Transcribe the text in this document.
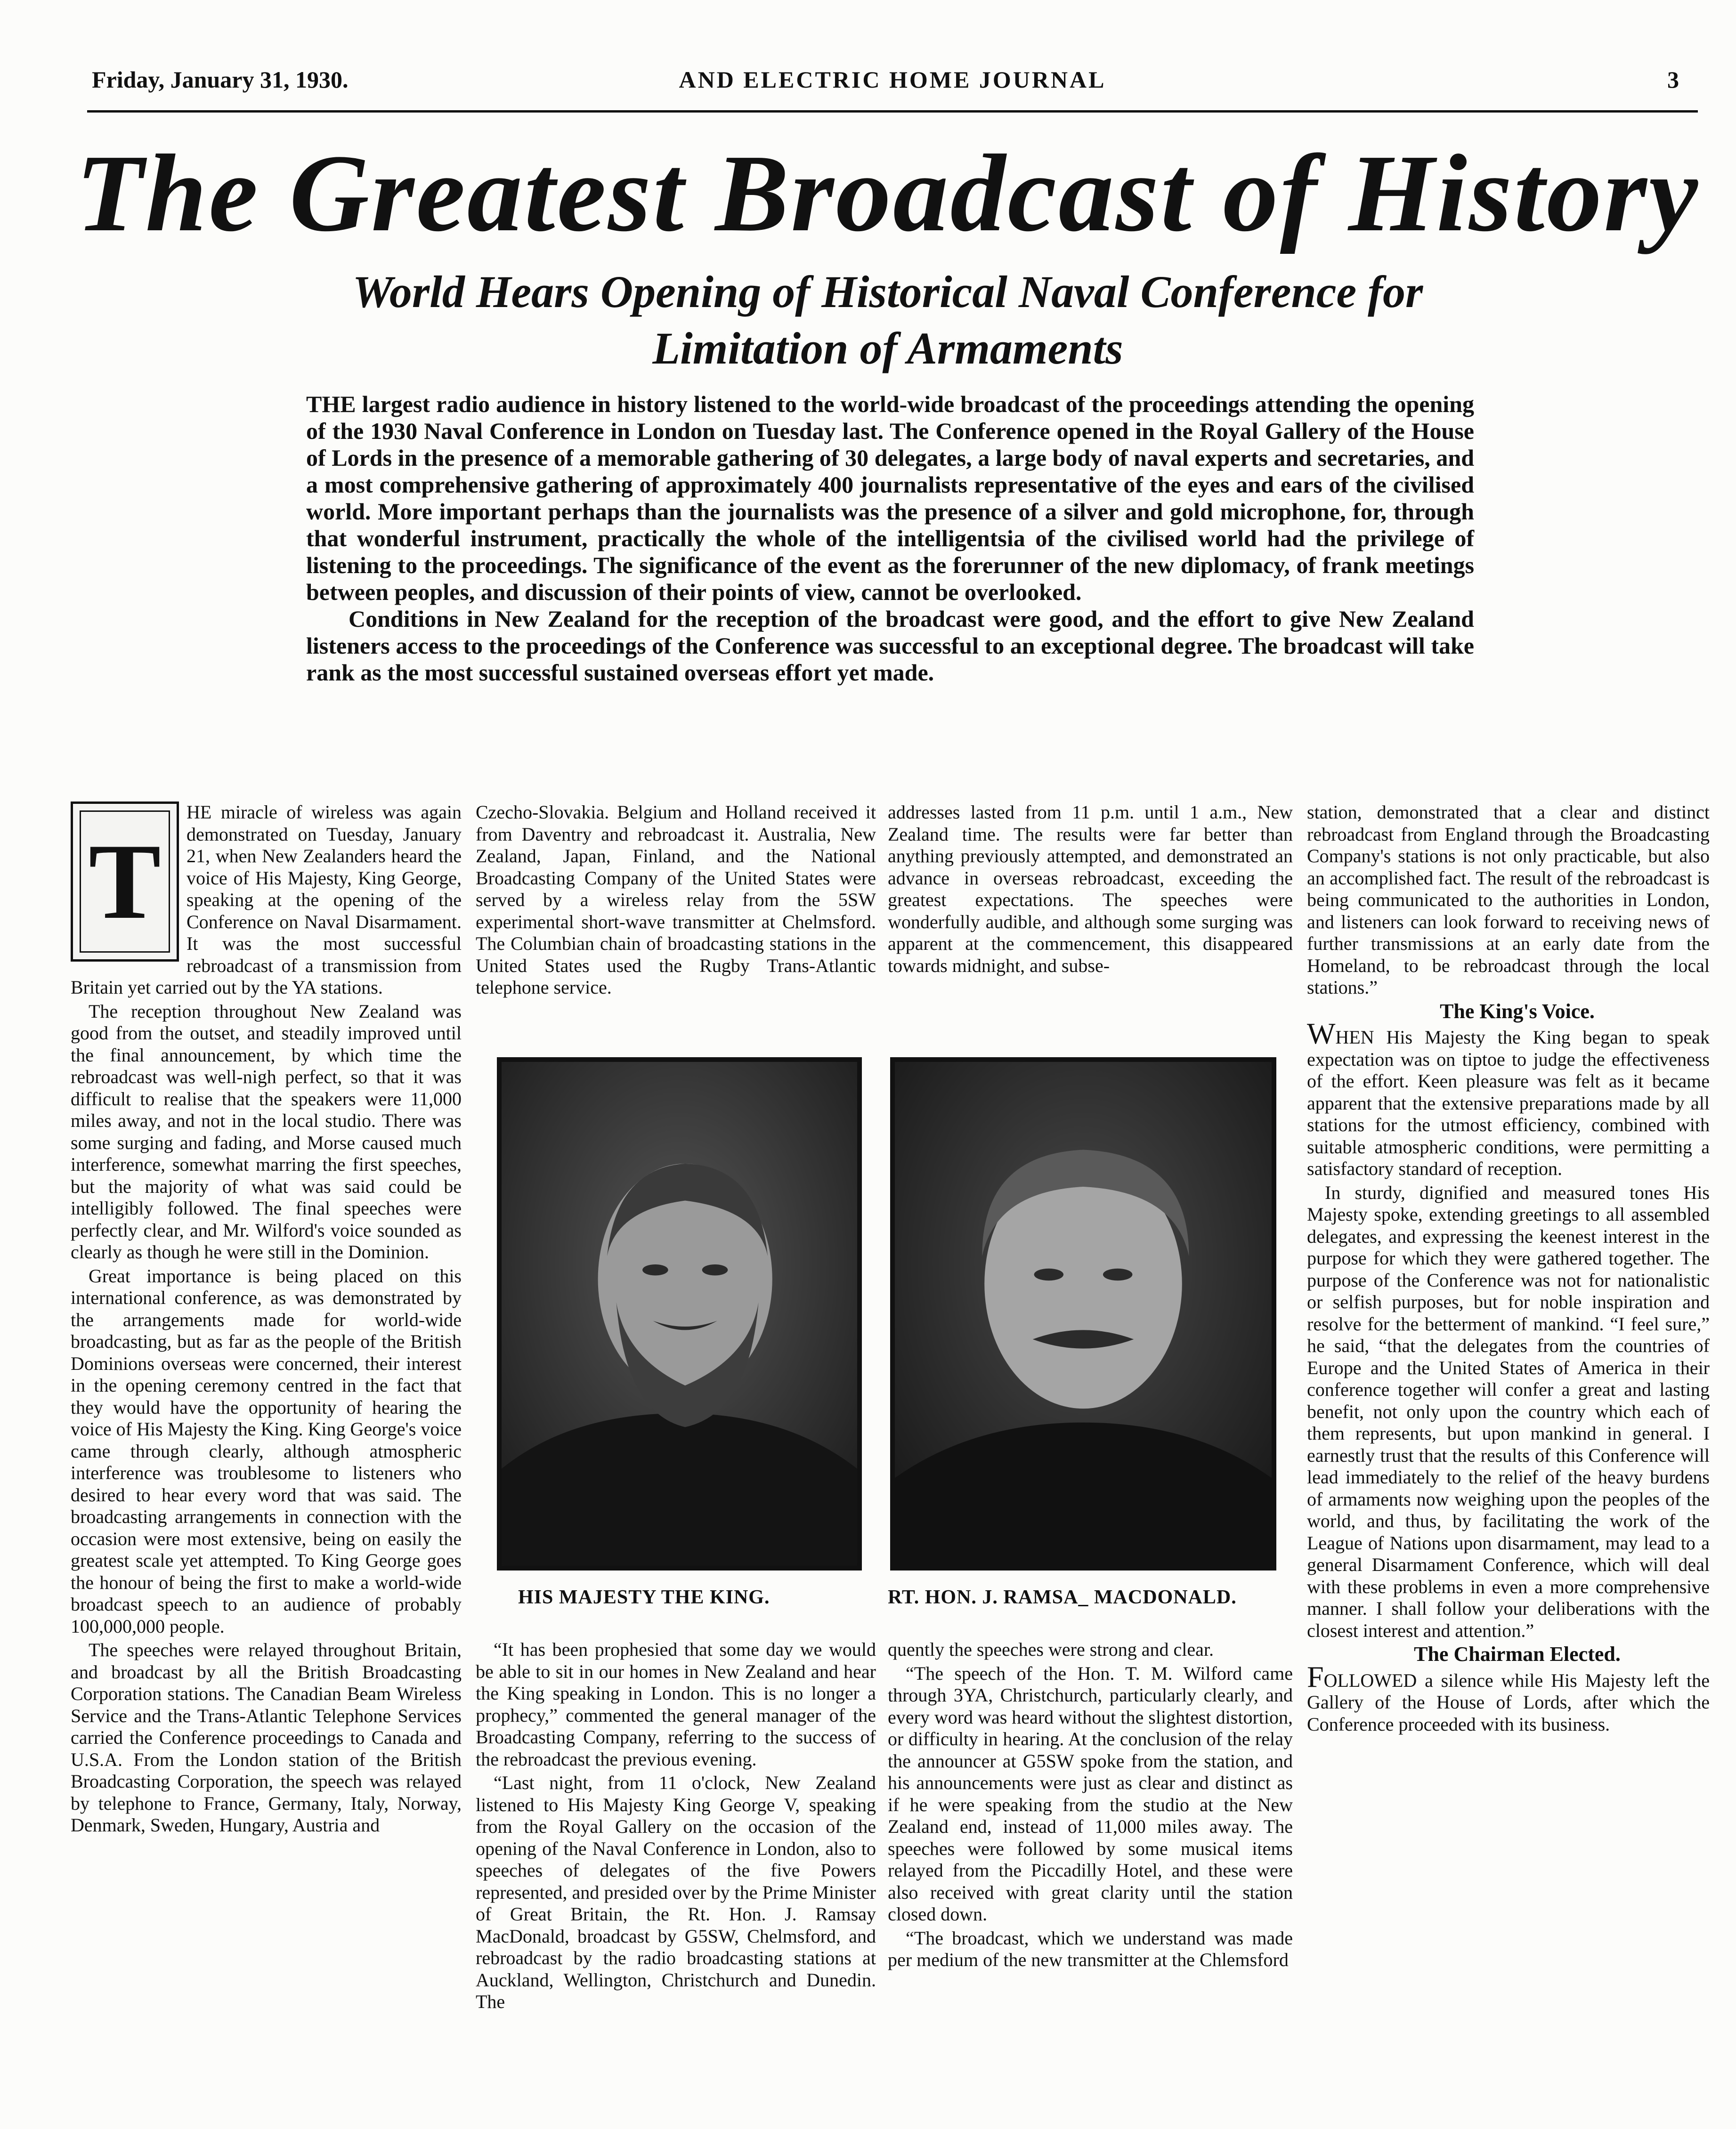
Friday, January 31, 1930.	AND ELECTRIC HOME JOURNAL	3
The Greatest Broadcast of History
World Hears Opening of Historical Naval Conference for
Limitation of Armaments

THE largest radio audience in history listened to the world-wide broadcast of the proceedings attending the opening of the 1930 Naval Conference in London on Tuesday last. The Conference opened in the Royal Gallery of the House of Lords in the presence of a memorable gathering of 30 delegates, a large body of naval experts and secretaries, and a most comprehensive gathering of approximately 400 journalists representative of the eyes and ears of the civilised world. More important perhaps than the journalists was the presence of a silver and gold microphone, for, through that wonderful instrument, practically the whole of the intelligentsia of the civilised world had the privilege of listening to the proceedings. The significance of the event as the forerunner of the new diplomacy, of frank meetings between peoples, and discussion of their points of view, cannot be overlooked.

Conditions in New Zealand for the reception of the broadcast were good, and the effort to give New Zealand listeners access to the proceedings of the Conference was successful to an exceptional degree. The broadcast will take rank as the most successful sustained overseas effort yet made.

T

HE miracle of wireless was again demonstrated on Tuesday, January 21, when New Zealanders heard the voice of His Majesty, King George, speaking at the opening of the Conference on Naval Disarmament. It was the most successful rebroadcast of a transmission from Britain yet carried out by the YA stations.

The reception throughout New Zealand was good from the outset, and steadily improved until the final announcement, by which time the rebroadcast was well-nigh perfect, so that it was difficult to realise that the speakers were 11,000 miles away, and not in the local studio. There was some surging and fading, and Morse caused much interference, somewhat marring the first speeches, but the majority of what was said could be intelligibly followed. The final speeches were perfectly clear, and Mr. Wilford's voice sounded as clearly as though he were still in the Dominion.

Great importance is being placed on this international conference, as was demonstrated by the arrangements made for world-wide broadcasting, but as far as the people of the British Dominions overseas were concerned, their interest in the opening ceremony centred in the fact that they would have the opportunity of hearing the voice of His Majesty the King. King George's voice came through clearly, although atmospheric interference was troublesome to listeners who desired to hear every word that was said. The broadcasting arrangements in connection with the occasion were most extensive, being on easily the greatest scale yet attempted. To King George goes the honour of being the first to make a world-wide broadcast speech to an audience of probably 100,000,000 people.

The speeches were relayed throughout Britain, and broadcast by all the British Broadcasting Corporation stations. The Canadian Beam Wireless Service and the Trans-Atlantic Telephone Services carried the Conference proceedings to Canada and U.S.A. From the London station of the British Broadcasting Corporation, the speech was relayed by telephone to France, Germany, Italy, Norway, Denmark, Sweden, Hungary, Austria and

Czecho-Slovakia. Belgium and Holland received it from Daventry and rebroadcast it. Australia, New Zealand, Japan, Finland, and the National Broadcasting Company of the United States were served by a wireless relay from the 5SW experimental short-wave transmitter at Chelmsford. The Columbian chain of broadcasting stations in the United States used the Rugby Trans-Atlantic telephone service.

addresses lasted from 11 p.m. until 1 a.m., New Zealand time. The results were far better than anything previously attempted, and demonstrated an advance in overseas rebroadcast, exceeding the greatest expectations. The speeches were wonderfully audible, and although some surging was apparent at the commencement, this disappeared towards midnight, and subse-

HIS MAJESTY THE KING.	RT. HON. J. RAMSA_ MACDONALD.

“It has been prophesied that some day we would be able to sit in our homes in New Zealand and hear the King speaking in London. This is no longer a prophecy,” commented the general manager of the Broadcasting Company, referring to the success of the rebroadcast the previous evening.

“Last night, from 11 o'clock, New Zealand listened to His Majesty King George V, speaking from the Royal Gallery on the occasion of the opening of the Naval Conference in London, also to speeches of delegates of the five Powers represented, and presided over by the Prime Minister of Great Britain, the Rt. Hon. J. Ramsay MacDonald, broadcast by G5SW, Chelmsford, and rebroadcast by the radio broadcasting stations at Auckland, Wellington, Christchurch and Dunedin. The

quently the speeches were strong and clear.

“The speech of the Hon. T. M. Wilford came through 3YA, Christchurch, particularly clearly, and every word was heard without the slightest distortion, or difficulty in hearing. At the conclusion of the relay the announcer at G5SW spoke from the station, and his announcements were just as clear and distinct as if he were speaking from the studio at the New Zealand end, instead of 11,000 miles away. The speeches were followed by some musical items relayed from the Piccadilly Hotel, and these were also received with great clarity until the station closed down.

“The broadcast, which we understand was made per medium of the new transmitter at the Chlemsford

station, demonstrated that a clear and distinct rebroadcast from England through the Broadcasting Company's stations is not only practicable, but also an accomplished fact. The result of the rebroadcast is being communicated to the authorities in London, and listeners can look forward to receiving news of further transmissions at an early date from the Homeland, to be rebroadcast through the local stations.”

The King's Voice.

WHEN His Majesty the King began to speak expectation was on tiptoe to judge the effectiveness of the effort. Keen pleasure was felt as it became apparent that the extensive preparations made by all stations for the utmost efficiency, combined with suitable atmospheric conditions, were permitting a satisfactory standard of reception.

In sturdy, dignified and measured tones His Majesty spoke, extending greetings to all assembled delegates, and expressing the keenest interest in the purpose for which they were gathered together. The purpose of the Conference was not for nationalistic or selfish purposes, but for noble inspiration and resolve for the betterment of mankind. “I feel sure,” he said, “that the delegates from the countries of Europe and the United States of America in their conference together will confer a great and lasting benefit, not only upon the country which each of them represents, but upon mankind in general. I earnestly trust that the results of this Conference will lead immediately to the relief of the heavy burdens of armaments now weighing upon the peoples of the world, and thus, by facilitating the work of the League of Nations upon disarmament, may lead to a general Disarmament Conference, which will deal with these problems in even a more comprehensive manner. I shall follow your deliberations with the closest interest and attention.”

The Chairman Elected.

FOLLOWED a silence while His Majesty left the Gallery of the House of Lords, after which the Conference proceeded with its business.
